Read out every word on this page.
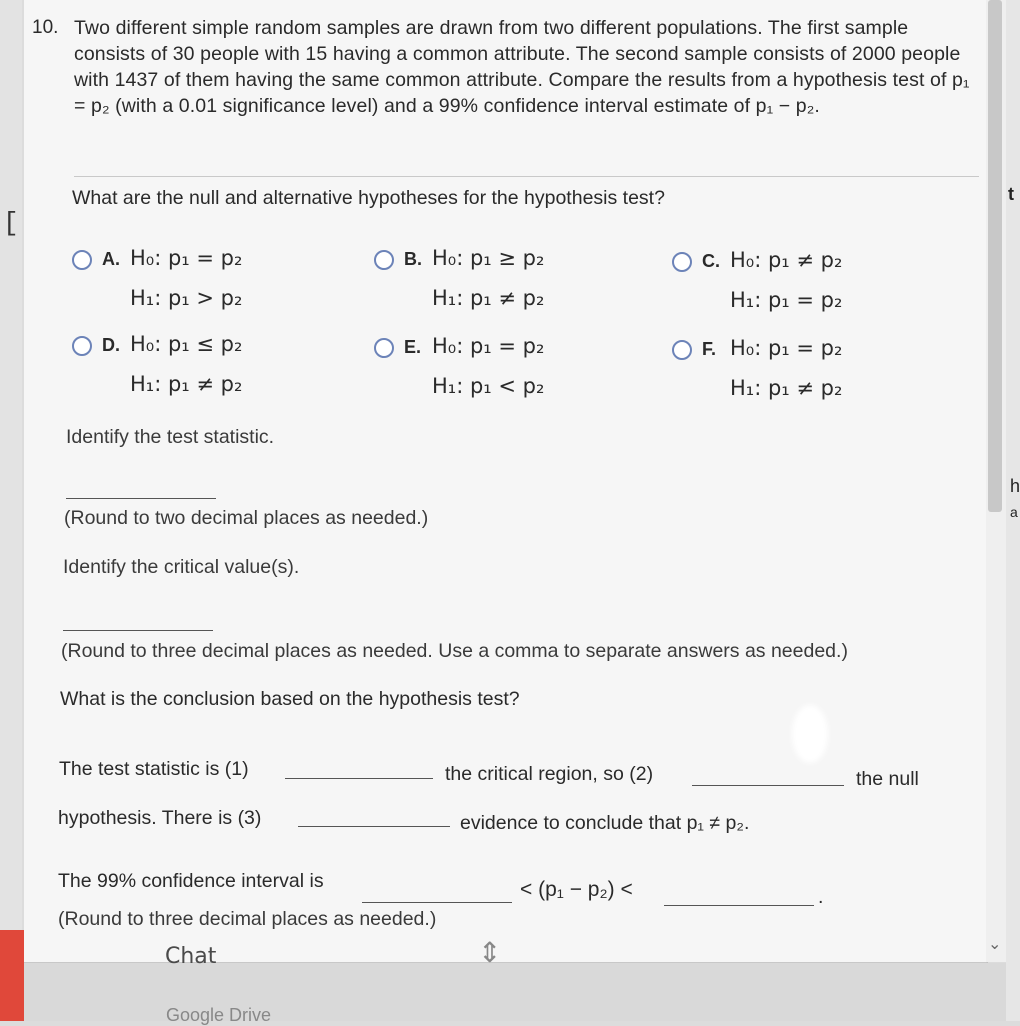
[
⌄
t
h
a
10. Two different simple random samples are drawn from two different populations. The first sample consists of 30 people with 15 having a common attribute. The second sample consists of 2000 people with 1437 of them having the same common attribute. Compare the results from a hypothesis test of p₁ = p₂ (with a 0.01 significance level) and a 99% confidence interval estimate of p₁ − p₂.
What are the null and alternative hypotheses for the hypothesis test?
A. H₀: p₁ = p₂
H₁: p₁ > p₂
B. H₀: p₁ ≥ p₂
H₁: p₁ ≠ p₂
C. H₀: p₁ ≠ p₂
H₁: p₁ = p₂
D. H₀: p₁ ≤ p₂
H₁: p₁ ≠ p₂
E. H₀: p₁ = p₂
H₁: p₁ < p₂
F. H₀: p₁ = p₂
H₁: p₁ ≠ p₂
Identify the test statistic.
(Round to two decimal places as needed.)
Identify the critical value(s).
(Round to three decimal places as needed. Use a comma to separate answers as needed.)
What is the conclusion based on the hypothesis test?
The test statistic is (1)	the critical region, so (2)	the null
hypothesis. There is (3)	evidence to conclude that p₁ ≠ p₂.
The 99% confidence interval is	< (p₁ − p₂) <	.
(Round to three decimal places as needed.)
⇕
Chat
Google Drive
